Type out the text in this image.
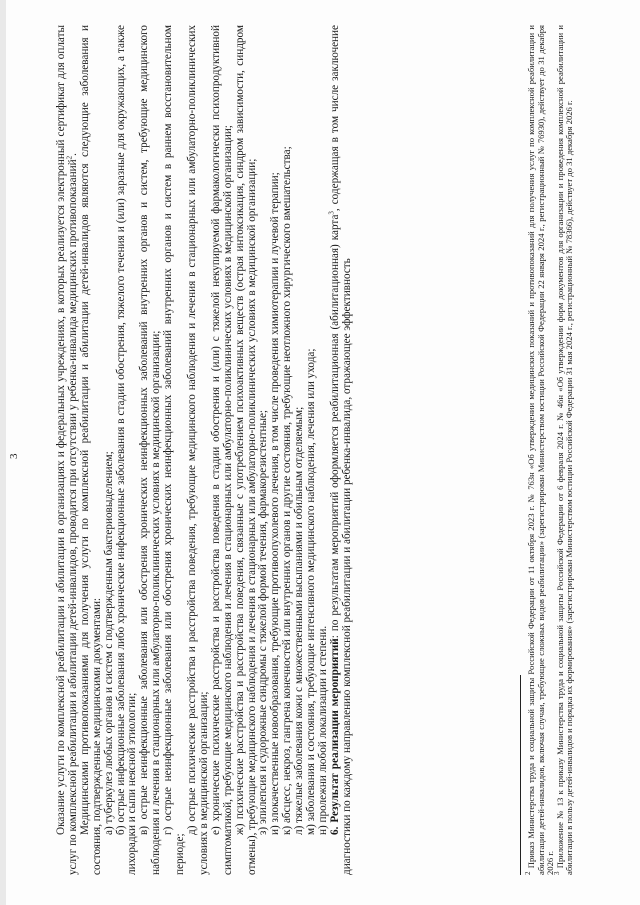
3	Оказание услуги по комплексной реабилитации и абилитации в организациях и федеральных учреждениях, в которых реализуется электронный сертификат для оплаты услуг по комплексной реабилитации и абилитации детей-инвалидов, проводится при отсутствии у ребенка-инвалида медицинских противопоказаний$^2$. Медицинскими противопоказаниями для получения услуги по комплексной реабилитации и абилитации детей-инвалидов являются следующие заболевания и состояния, подтвержденные медицинскими документами: а) туберкулез любых органов и систем с подтвержденным бактериовыделением; б) острые инфекционные заболевания либо хронические инфекционные заболевания в стадии обострения, тяжелого течения и (или) заразные для окружающих, а также лихорадки и сыпи неясной этиологии; в) острые неинфекционные заболевания или обострения хронических неинфекционных заболеваний внутренних органов и систем, требующие медицинского наблюдения и лечения в стационарных или амбулаторно-поликлинических условиях в медицинской организации; г) острые неинфекционные заболевания или обострения хронических неинфекционных заболеваний внутренних органов и систем в раннем восстановительном периоде;

д) острые психические расстройства и расстройства поведения, требующие медицинского наблюдения и лечения в стационарных или амбулаторно-поликлинических условиях в медицинской организации; е) хронические психические расстройства и расстройства поведения в стадии обострения и (или) с тяжелой некупируемой фармакологически психопродуктивной симптоматикой, требующие медицинского наблюдения и лечения в стационарных или амбулаторно-поликлинических условиях в медицинской организации; ж) психические расстройства и расстройства поведения, связанные с употреблением психоактивных веществ (острая интоксикация, синдром зависимости, синдром отмены), требующие медицинского наблюдения и лечения в стационарных или амбулаторно-поликлинических условиях в медицинской организации; з) эпилепсия и судорожные синдромы с тяжелой формой течения, фармакорезистентные; и) злокачественные новообразования, требующие противоопухолевого лечения, в том числе проведения химиотерапии и лучевой терапии; к) абсцесс, некроз, гангрена конечностей или внутренних органов и другие состояния, требующие неотложного хирургического вмешательства; л) тяжелые заболевания кожи с множественными высыпаниями и обильным отделяемым; м) заболевания и состояния, требующие интенсивного медицинского наблюдения, лечения или ухода; н) пролежни любой локализации и степени. 6. Результат реализации мероприятий: по результатам мероприятий оформляется реабилитационная (абилитационная) карта$^3$, содержащая в том числе заключение диагностики по каждому направлению комплексной реабилитации и абилитации ребенка-инвалида, отражающее эффективность	$^2$ Приказ Министерства труда и социальной защиты Российской Федерации от 11 октября 2023 г. № 763н «Об утверждении медицинских показаний и противопоказаний для получения услуг по комплексной реабилитации и абилитации детей-инвалидов, включая случаи, требующие сложных видов реабилитации» (зарегистрирован Министерством юстиции Российской Федерации 22 января 2024 г., регистрационный № 76930), действует до 31 декабря 2026 г.

$^3$ Приложение № 13 к приказу Министерства труда и социальной защиты Российской Федерации от 6 февраля 2024 г. № 46н «Об утверждении форм документов для организации и проведения комплексной реабилитации и абилитации в пользу детей-инвалидов и порядка их формирования» (зарегистрирован Министерством юстиции Российской Федерации 31 мая 2024 г., регистрационный № 78366), действует до 31 декабря 2026 г.
